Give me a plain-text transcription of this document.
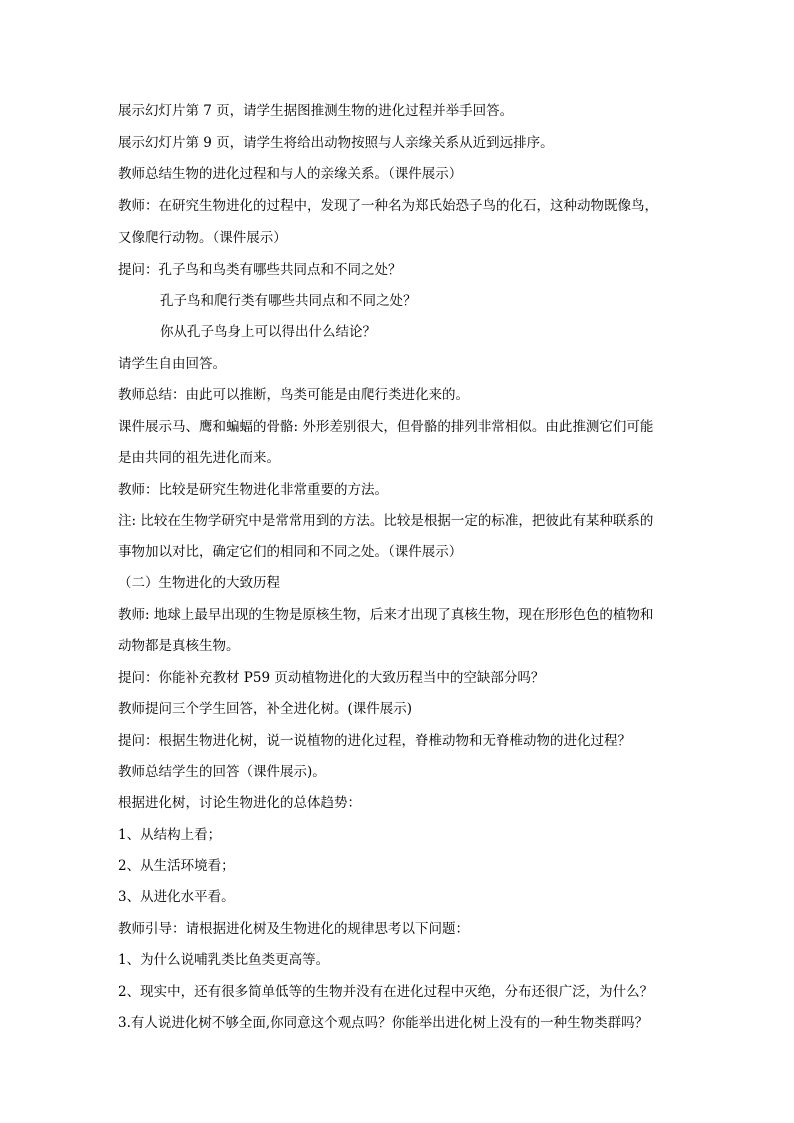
展示幻灯片第 7 页，请学生据图推测生物的进化过程并举手回答。
展示幻灯片第 9 页，请学生将给出动物按照与人亲缘关系从近到远排序。
教师总结生物的进化过程和与人的亲缘关系。（课件展示）
教师：在研究生物进化的过程中，发现了一种名为郑氏始恐子鸟的化石，这种动物既像鸟，
又像爬行动物。（课件展示）
提问：孔子鸟和鸟类有哪些共同点和不同之处？
孔子鸟和爬行类有哪些共同点和不同之处？
你从孔子鸟身上可以得出什么结论？
请学生自由回答。
教师总结：由此可以推断，鸟类可能是由爬行类进化来的。
课件展示马、鹰和蝙蝠的骨骼: 外形差别很大，但骨骼的排列非常相似。由此推测它们可能
是由共同的祖先进化而来。
教师：比较是研究生物进化非常重要的方法。
注: 比较在生物学研究中是常常用到的方法。比较是根据一定的标准，把彼此有某种联系的
事物加以对比，确定它们的相同和不同之处。（课件展示）
（二）生物进化的大致历程
教师: 地球上最早出现的生物是原核生物，后来才出现了真核生物，现在形形色色的植物和
动物都是真核生物。
提问：你能补充教材 P59 页动植物进化的大致历程当中的空缺部分吗？
教师提问三个学生回答，补全进化树。(课件展示)
提问：根据生物进化树，说一说植物的进化过程，脊椎动物和无脊椎动物的进化过程？
教师总结学生的回答（课件展示)。
根据进化树，讨论生物进化的总体趋势：
1、从结构上看；
2、从生活环境看；
3、从进化水平看。
教师引导：请根据进化树及生物进化的规律思考以下问题：
1、为什么说哺乳类比鱼类更高等。
2、现实中，还有很多简单低等的生物并没有在进化过程中灭绝，分布还很广泛，为什么？
3.有人说进化树不够全面,你同意这个观点吗？你能举出进化树上没有的一种生物类群吗？
